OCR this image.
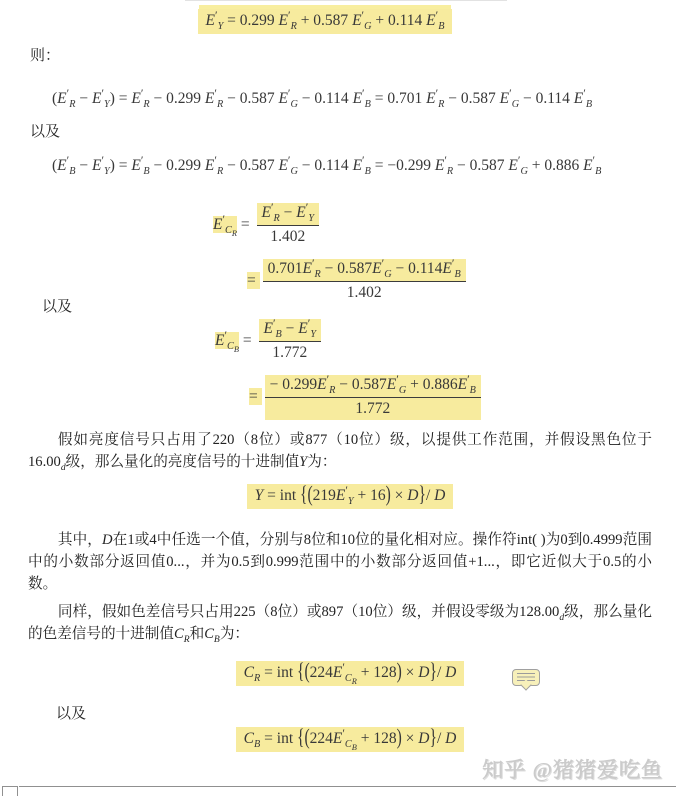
$E'_Y = 0.299$ $E'_R + 0.587$ $E'_G + 0.114$ $E'_B$
则：
$(E'_R - E'_Y) = E'_R - 0.299$ $E'_R - 0.587$ $E'_G - 0.114$ $E'_B = 0.701$ $E'_R - 0.587$ $E'_G - 0.114$ $E'_B$
以及
$(E'_B - E'_Y) = E'_B - 0.299$ $E'_R - 0.587$ $E'_G - 0.114$ $E'_B = -0.299$ $E'_R - 0.587$ $E'_G + 0.886$ $E'_B$
$E'_{C_R} = \frac{E'_R - E'_Y}{1.402}$
= $\frac{0.701E'_R - 0.587E'_G - 0.114E'_B}{1.402}$
以及
$E'_{C_B} = \frac{E'_B - E'_Y}{1.772}$
= $\frac{- 0.299E'_R - 0.587E'_G + 0.886E'_B}{1.772}$
假如亮度信号只占用了220（8位）或877（10位）级，以提供工作范围，并假设黑色位于$16.00_d$级，那么量化的亮度信号的十进制值Y为：
Y = int $\{(219E'_Y + 16) \times D\}/$ D
其中，D在1或4中任选一个值，分别与8位和10位的量化相对应。操作符int( )为0到0.4999范围中的小数部分返回值0...，并为0.5到0.999范围中的小数部分返回值+1...，即它近似大于0.5的小数。
同样，假如色差信号只占用225（8位）或897（10位）级，并假设零级为$128.00_d$级，那么量化的色差信号的十进制值$C_R$和$C_B$为：
$C_R$ = int $\{(224E'_{C_R} + 128) \times D\}/$ D
以及
$C_B$ = int $\{(224E'_{C_B} + 128) \times D\}/$ D
知乎 @猪猪爱吃鱼
